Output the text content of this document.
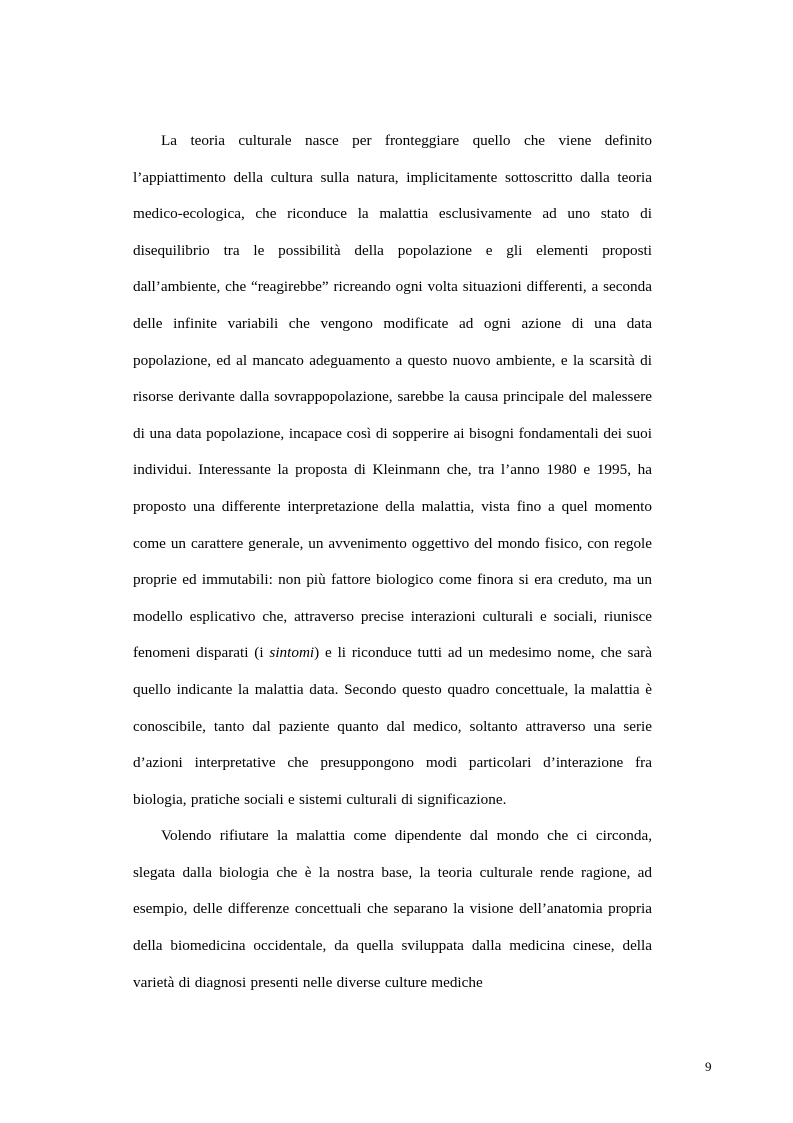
La teoria culturale nasce per fronteggiare quello che viene definito l’appiattimento della cultura sulla natura, implicitamente sottoscritto dalla teoria medico-ecologica, che riconduce la malattia esclusivamente ad uno stato di disequilibrio tra le possibilità della popolazione e gli elementi proposti dall’ambiente, che “reagirebbe” ricreando ogni volta situazioni differenti, a seconda delle infinite variabili che vengono modificate ad ogni azione di una data popolazione, ed al mancato adeguamento a questo nuovo ambiente, e la scarsità di risorse derivante dalla sovrappopolazione, sarebbe la causa principale del malessere di una data popolazione, incapace così di sopperire ai bisogni fondamentali dei suoi individui. Interessante la proposta di Kleinmann che, tra l’anno 1980 e 1995, ha proposto una differente interpretazione della malattia, vista fino a quel momento come un carattere generale, un avvenimento oggettivo del mondo fisico, con regole proprie ed immutabili: non più fattore biologico come finora si era creduto, ma un modello esplicativo che, attraverso precise interazioni culturali e sociali, riunisce fenomeni disparati (i sintomi) e li riconduce tutti ad un medesimo nome, che sarà quello indicante la malattia data. Secondo questo quadro concettuale, la malattia è conoscibile, tanto dal paziente quanto dal medico, soltanto attraverso una serie d’azioni interpretative che presuppongono modi particolari d’interazione fra biologia, pratiche sociali e sistemi culturali di significazione.

Volendo rifiutare la malattia come dipendente dal mondo che ci circonda, slegata dalla biologia che è la nostra base, la teoria culturale rende ragione, ad esempio, delle differenze concettuali che separano la visione dell’anatomia propria della biomedicina occidentale, da quella sviluppata dalla medicina cinese, della varietà di diagnosi presenti nelle diverse culture mediche

9
